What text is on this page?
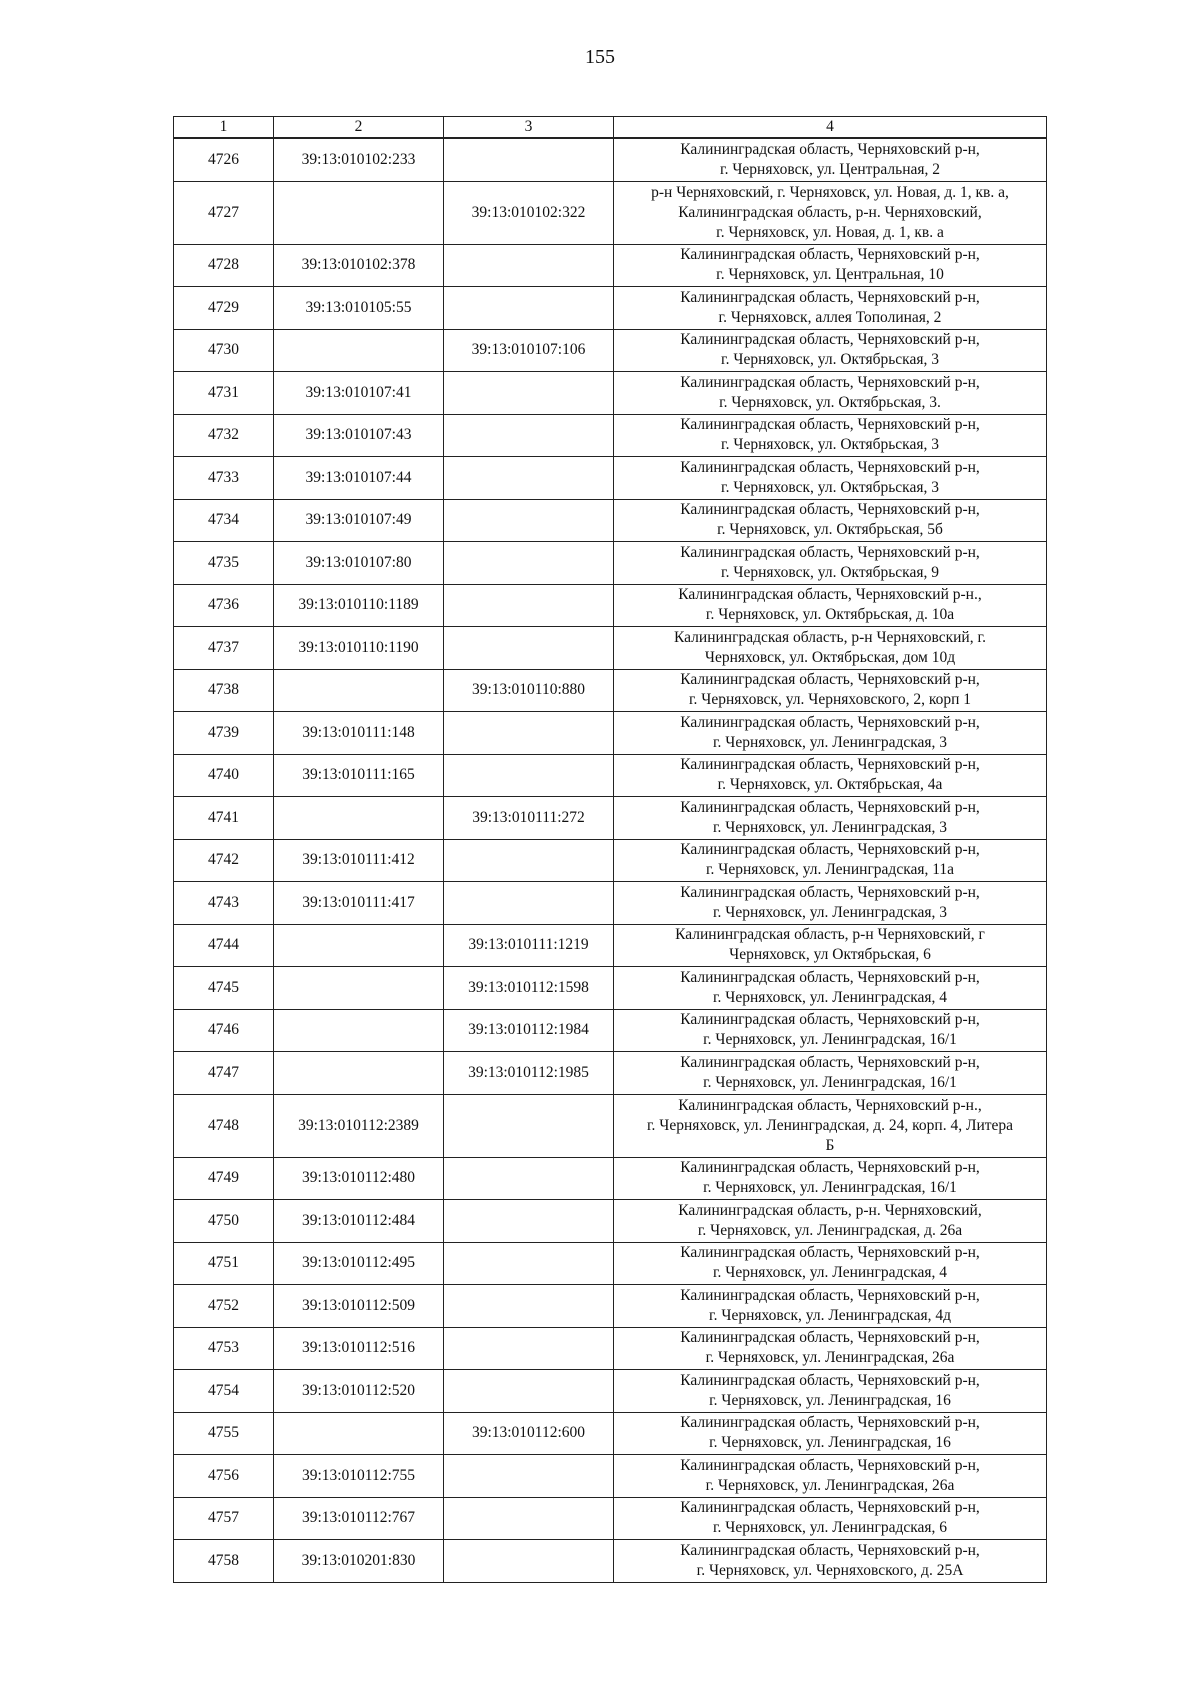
155
1	2	3	4
4726	39:13:010102:233		Калининградская область, Черняховский р-н,
г. Черняховск, ул. Центральная, 2
4727		39:13:010102:322	р-н Черняховский, г. Черняховск, ул. Новая, д. 1, кв. а,
Калининградская область, р-н. Черняховский,
г. Черняховск, ул. Новая, д. 1, кв. а
4728	39:13:010102:378		Калининградская область, Черняховский р-н,
г. Черняховск, ул. Центральная, 10
4729	39:13:010105:55		Калининградская область, Черняховский р-н,
г. Черняховск, аллея Тополиная, 2
4730		39:13:010107:106	Калининградская область, Черняховский р-н,
г. Черняховск, ул. Октябрьская, 3
4731	39:13:010107:41		Калининградская область, Черняховский р-н,
г. Черняховск, ул. Октябрьская, 3.
4732	39:13:010107:43		Калининградская область, Черняховский р-н,
г. Черняховск, ул. Октябрьская, 3
4733	39:13:010107:44		Калининградская область, Черняховский р-н,
г. Черняховск, ул. Октябрьская, 3
4734	39:13:010107:49		Калининградская область, Черняховский р-н,
г. Черняховск, ул. Октябрьская, 5б
4735	39:13:010107:80		Калининградская область, Черняховский р-н,
г. Черняховск, ул. Октябрьская, 9
4736	39:13:010110:1189		Калининградская область, Черняховский р-н.,
г. Черняховск, ул. Октябрьская, д. 10а
4737	39:13:010110:1190		Калининградская область, р-н Черняховский, г.
Черняховск, ул. Октябрьская, дом 10д
4738		39:13:010110:880	Калининградская область, Черняховский р-н,
г. Черняховск, ул. Черняховского, 2, корп 1
4739	39:13:010111:148		Калининградская область, Черняховский р-н,
г. Черняховск, ул. Ленинградская, 3
4740	39:13:010111:165		Калининградская область, Черняховский р-н,
г. Черняховск, ул. Октябрьская, 4а
4741		39:13:010111:272	Калининградская область, Черняховский р-н,
г. Черняховск, ул. Ленинградская, 3
4742	39:13:010111:412		Калининградская область, Черняховский р-н,
г. Черняховск, ул. Ленинградская, 11а
4743	39:13:010111:417		Калининградская область, Черняховский р-н,
г. Черняховск, ул. Ленинградская, 3
4744		39:13:010111:1219	Калининградская область, р-н Черняховский, г
Черняховск, ул Октябрьская, 6
4745		39:13:010112:1598	Калининградская область, Черняховский р-н,
г. Черняховск, ул. Ленинградская, 4
4746		39:13:010112:1984	Калининградская область, Черняховский р-н,
г. Черняховск, ул. Ленинградская, 16/1
4747		39:13:010112:1985	Калининградская область, Черняховский р-н,
г. Черняховск, ул. Ленинградская, 16/1
4748	39:13:010112:2389		Калининградская область, Черняховский р-н.,
г. Черняховск, ул. Ленинградская, д. 24, корп. 4, Литера
Б
4749	39:13:010112:480		Калининградская область, Черняховский р-н,
г. Черняховск, ул. Ленинградская, 16/1
4750	39:13:010112:484		Калининградская область, р-н. Черняховский,
г. Черняховск, ул. Ленинградская, д. 26а
4751	39:13:010112:495		Калининградская область, Черняховский р-н,
г. Черняховск, ул. Ленинградская, 4
4752	39:13:010112:509		Калининградская область, Черняховский р-н,
г. Черняховск, ул. Ленинградская, 4д
4753	39:13:010112:516		Калининградская область, Черняховский р-н,
г. Черняховск, ул. Ленинградская, 26а
4754	39:13:010112:520		Калининградская область, Черняховский р-н,
г. Черняховск, ул. Ленинградская, 16
4755		39:13:010112:600	Калининградская область, Черняховский р-н,
г. Черняховск, ул. Ленинградская, 16
4756	39:13:010112:755		Калининградская область, Черняховский р-н,
г. Черняховск, ул. Ленинградская, 26а
4757	39:13:010112:767		Калининградская область, Черняховский р-н,
г. Черняховск, ул. Ленинградская, 6
4758	39:13:010201:830		Калининградская область, Черняховский р-н,
г. Черняховск, ул. Черняховского, д. 25А
